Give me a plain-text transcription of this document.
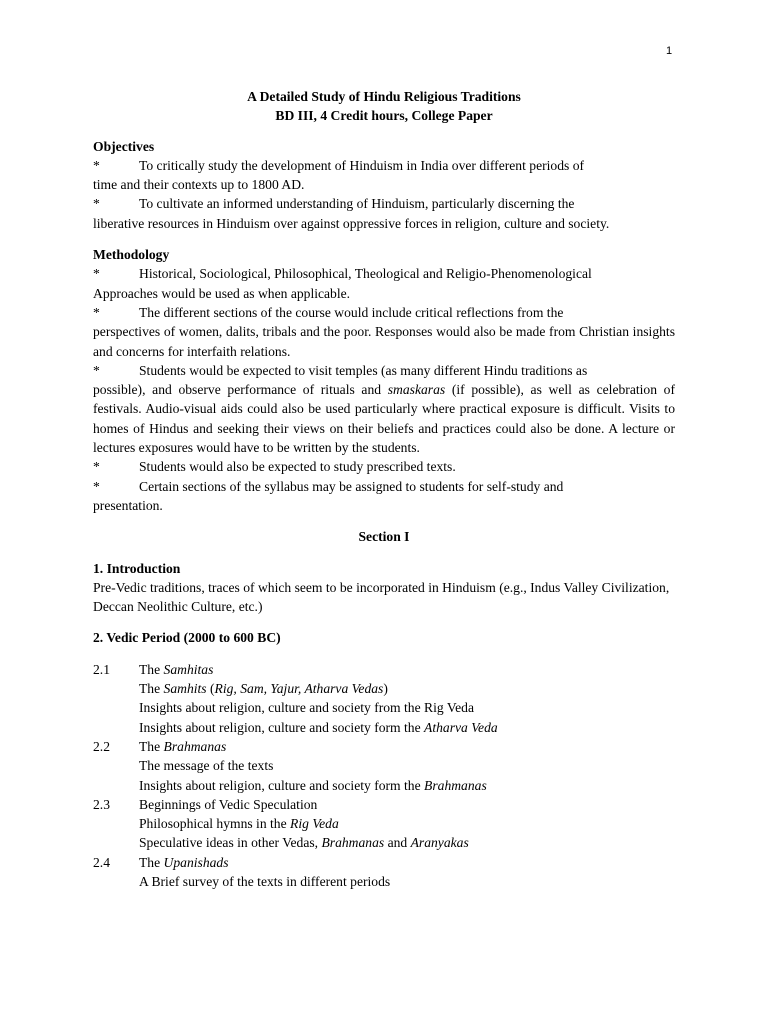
1
A Detailed Study of Hindu Religious Traditions
BD III, 4 Credit hours, College Paper
Objectives
*	To critically study the development of Hinduism in India over different periods of
time and their contexts up to 1800 AD.
*	To cultivate an informed understanding of Hinduism, particularly discerning the
liberative resources in Hinduism over against oppressive forces in religion, culture and society.
Methodology
*	Historical, Sociological, Philosophical, Theological and Religio-Phenomenological
Approaches would be used as when applicable.
*	The different sections of the course would include critical reflections from the
perspectives of women, dalits, tribals and the poor. Responses would also be made from Christian insights and concerns for interfaith relations.
*	Students would be expected to visit temples (as many different Hindu traditions as
possible), and observe performance of rituals and smaskaras (if possible), as well as celebration of festivals. Audio-visual aids could also be used particularly where practical exposure is difficult. Visits to homes of Hindus and seeking their views on their beliefs and practices could also be done. A lecture or lectures exposures would have to be written by the students.
*	Students would also be expected to study prescribed texts.
*	Certain sections of the syllabus may be assigned to students for self-study and
presentation.
Section I
1. Introduction
Pre-Vedic traditions, traces of which seem to be incorporated in Hinduism (e.g., Indus Valley Civilization, Deccan Neolithic Culture, etc.)
2. Vedic Period (2000 to 600 BC)
2.1	The Samhitas
The Samhits (Rig, Sam, Yajur, Atharva Vedas)
Insights about religion, culture and society from the Rig Veda
Insights about religion, culture and society form the Atharva Veda
2.2	The Brahmanas
The message of the texts
Insights about religion, culture and society form the Brahmanas
2.3	Beginnings of Vedic Speculation
Philosophical hymns in the Rig Veda
Speculative ideas in other Vedas, Brahmanas and Aranyakas
2.4	The Upanishads
A Brief survey of the texts in different periods
